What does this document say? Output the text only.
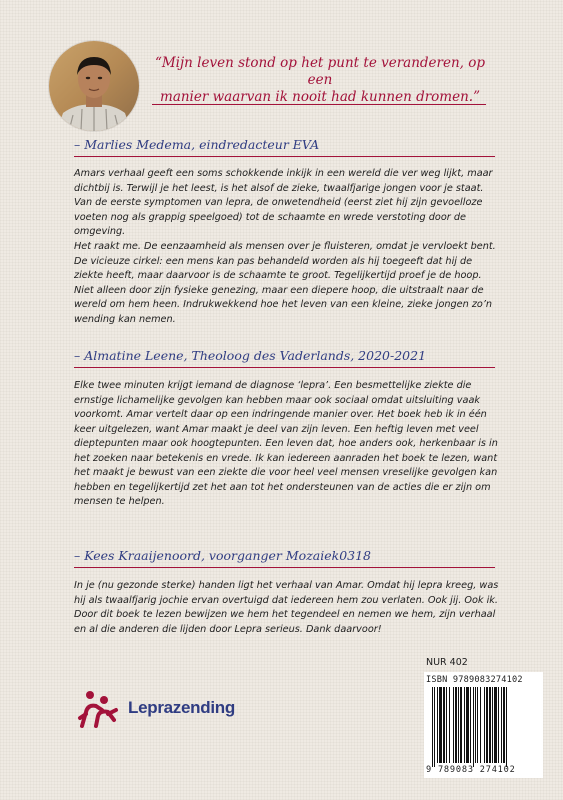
“Mijn leven stond op het punt te veranderen, op een
manier waarvan ik nooit had kunnen dromen.”

– Marlies Medema, eindredacteur EVA

Amars verhaal geeft een soms schokkende inkijk in een wereld die ver weg lijkt, maar dichtbij is. Terwijl je het leest, is het alsof de zieke, twaalfjarige jongen voor je staat. Van de eerste symptomen van lepra, de onwetendheid (eerst ziet hij zijn gevoelloze voeten nog als grappig speelgoed) tot de schaamte en wrede verstoting door de omgeving.

Het raakt me. De eenzaamheid als mensen over je fluisteren, omdat je vervloekt bent. De vicieuze cirkel: een mens kan pas behandeld worden als hij toegeeft dat hij de ziekte heeft, maar daarvoor is de schaamte te groot. Tegelijkertijd proef je de hoop. Niet alleen door zijn fysieke genezing, maar een diepere hoop, die uitstraalt naar de wereld om hem heen. Indrukwekkend hoe het leven van een kleine, zieke jongen zo’n wending kan nemen.

– Almatine Leene, Theoloog des Vaderlands, 2020-2021

Elke twee minuten krijgt iemand de diagnose ‘lepra’. Een besmettelijke ziekte die ernstige lichamelijke gevolgen kan hebben maar ook sociaal omdat uitsluiting vaak voorkomt. Amar vertelt daar op een indringende manier over. Het boek heb ik in één keer uitgelezen, want Amar maakt je deel van zijn leven. Een heftig leven met veel dieptepunten maar ook hoogtepunten. Een leven dat, hoe anders ook, herkenbaar is in het zoeken naar betekenis en vrede. Ik kan iedereen aanraden het boek te lezen, want het maakt je bewust van een ziekte die voor heel veel mensen vreselijke gevolgen kan hebben en tegelijkertijd zet het aan tot het ondersteunen van de acties die er zijn om mensen te helpen.

– Kees Kraaijenoord, voorganger Mozaiek0318

In je (nu gezonde sterke) handen ligt het verhaal van Amar. Omdat hij lepra kreeg, was hij als twaalfjarig jochie ervan overtuigd dat iedereen hem zou verlaten. Ook jij. Ook ik. Door dit boek te lezen bewijzen we hem het tegendeel en nemen we hem, zijn verhaal en al die anderen die lijden door Lepra serieus. Dank daarvoor!

Leprazending

NUR 402

ISBN 9789083274102

9 789083 274102
